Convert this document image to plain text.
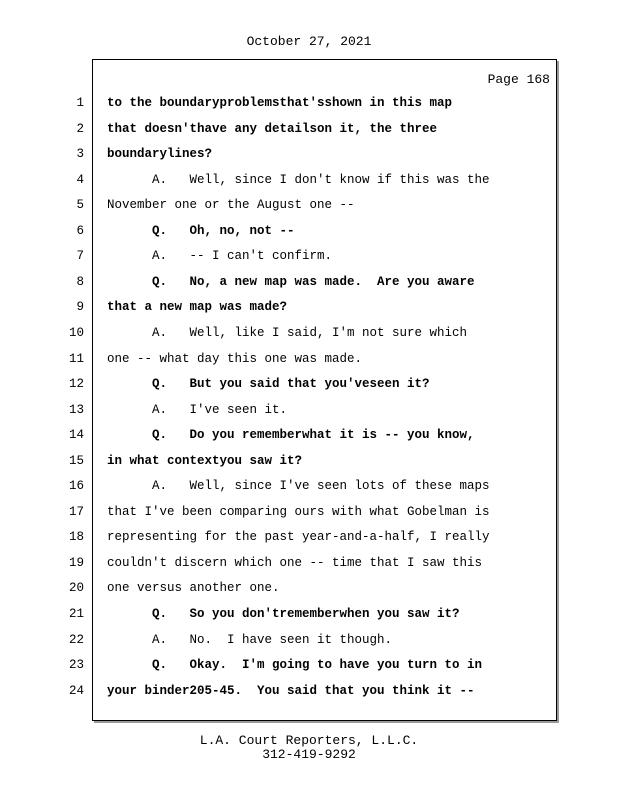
October 27, 2021
Page 168
1 to the boundaryproblemsthat'sshown in this map
2 that doesn'thave any detailson it, the three
3 boundarylines?
4 A.   Well, since I don't know if this was the
5 November one or the August one --
6 Q.   Oh, no, not --
7 A.   -- I can't confirm.
8 Q.   No, a new map was made.  Are you aware
9 that a new map was made?
10 A.   Well, like I said, I'm not sure which
11 one -- what day this one was made.
12 Q.   But you said that you'veseen it?
13 A.   I've seen it.
14 Q.   Do you rememberwhat it is -- you know,
15 in what contextyou saw it?
16 A.   Well, since I've seen lots of these maps
17 that I've been comparing ours with what Gobelman is
18 representing for the past year-and-a-half, I really
19 couldn't discern which one -- time that I saw this
20 one versus another one.
21 Q.   So you don'trememberwhen you saw it?
22 A.   No.  I have seen it though.
23 Q.   Okay.  I'm going to have you turn to in
24 your binder205-45.  You said that you think it --
L.A. Court Reporters, L.L.C.
312-419-9292
